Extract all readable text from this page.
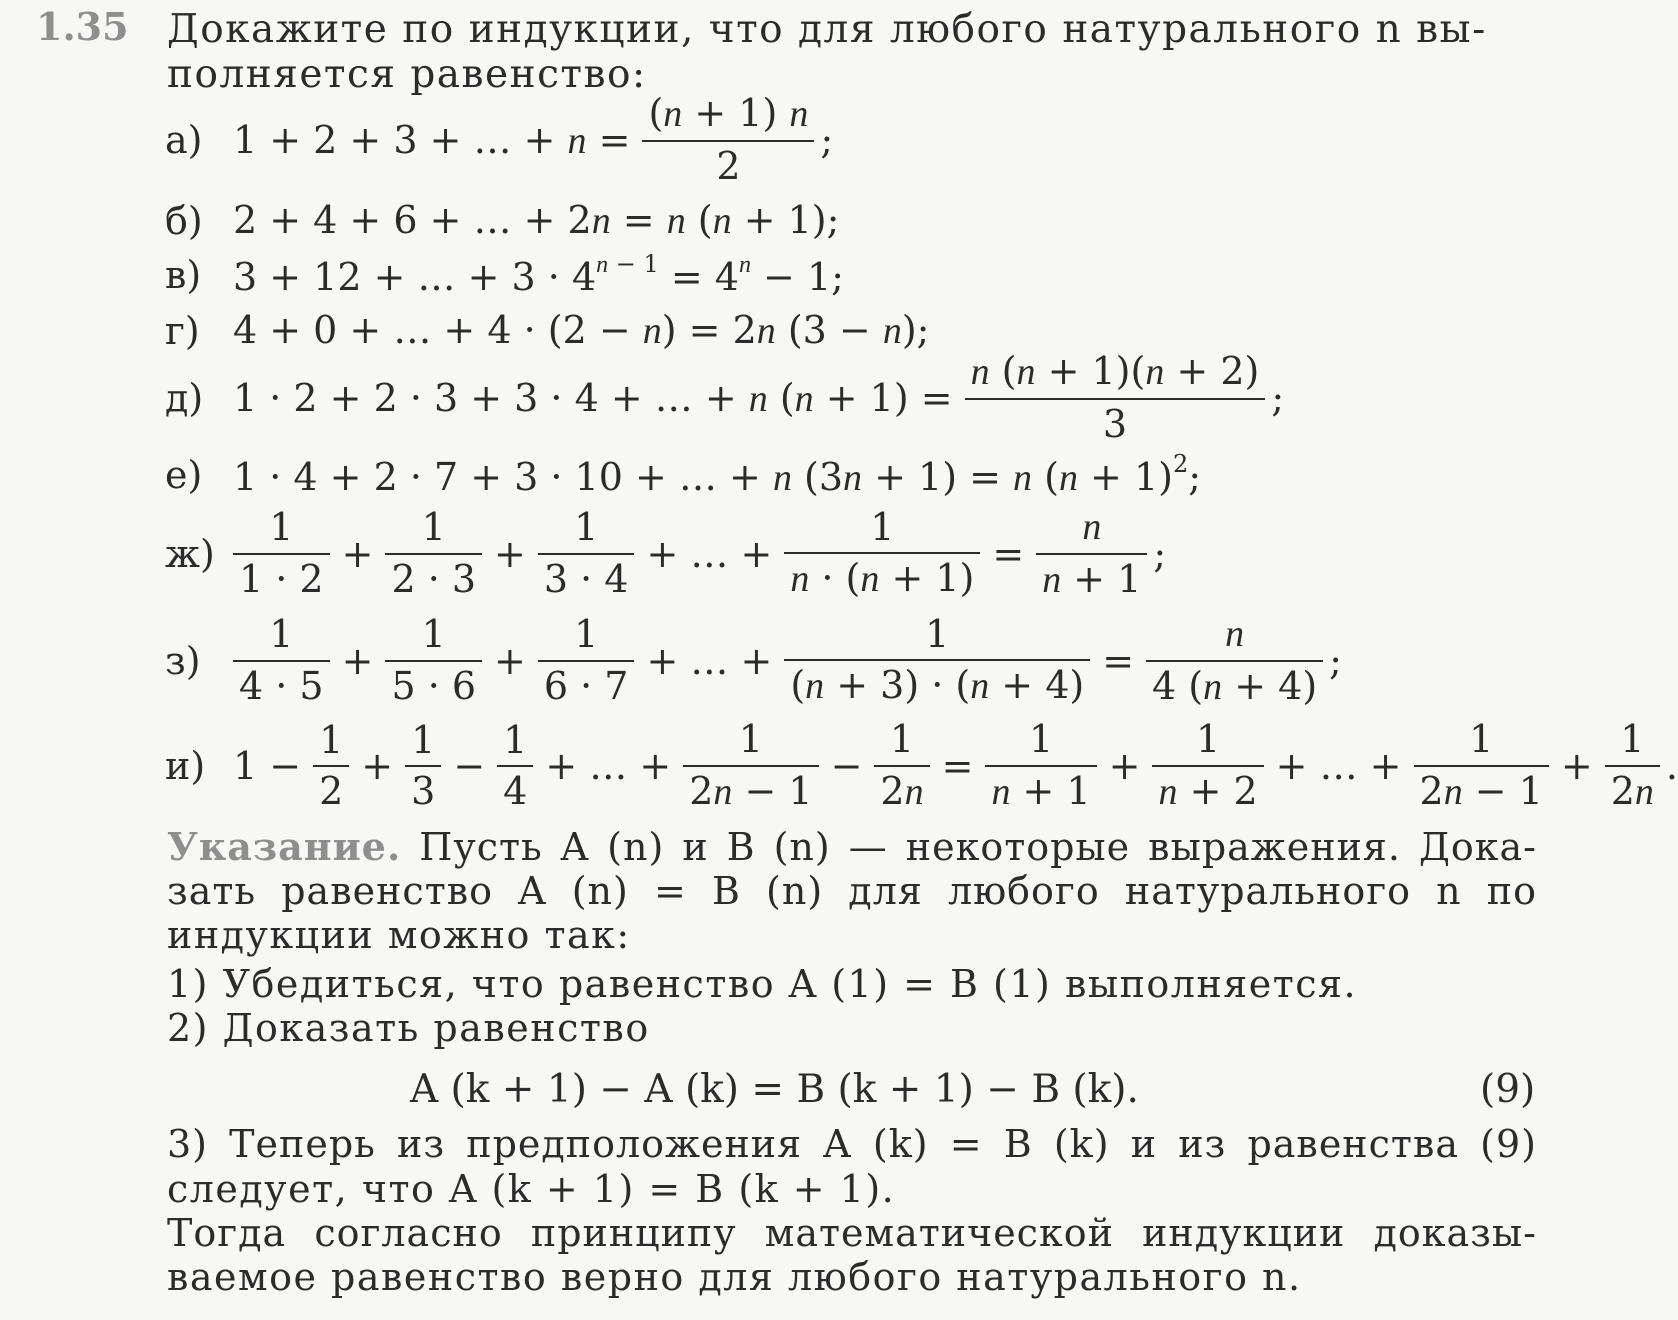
1.35 Докажите по индукции, что для любого натурального n вы-
полняется равенство:
а) 1 + 2 + 3 + … + $n = \frac{(n + 1) n}{2}$ ;
б) 2 + 4 + 6 + … + 2n = n (n + 1);
в) 3 + 12 + … + $3 \cdot 4^{n - 1} = 4^n - 1$;
г) 4 + 0 + … + 4 · (2 − n) = 2n (3 − n);
д) 1 · 2 + 2 · 3 + 3 · 4 + … + n $(n + 1) = \frac{n (n + 1)(n + 2)}{3}$ ;
е) 1 · 4 + 2 · 7 + 3 · 10 + … + n (3n + 1) = n $(n + 1)^2$;
$ж) \frac{1}{1 \cdot 2} + \frac{1}{2 \cdot 3} + \frac{1}{3 \cdot 4}$ + … + $\frac{1}{n \cdot (n + 1)} = \frac{n}{n + 1}$ ;
$з) \frac{1}{4 \cdot 5} + \frac{1}{5 \cdot 6} + \frac{1}{6 \cdot 7}$ + … + $\frac{1}{(n + 3) \cdot (n + 4)} = \frac{n}{4 (n + 4)}$ ;
и) $1 - \frac{1}{2} + \frac{1}{3} - \frac{1}{4}$ + … + $\frac{1}{2n - 1} - \frac{1}{2n} = \frac{1}{n + 1} + \frac{1}{n + 2}$ + … + $\frac{1}{2n - 1} + \frac{1}{2n}$ .
Указание. Пусть A (n) и B (n) — некоторые выражения. Дока-
зать равенство A (n) = B (n) для любого натурального n по
индукции можно так:
1) Убедиться, что равенство A (1) = B (1) выполняется.
2) Доказать равенство
A (k + 1) − A (k) = B (k + 1) − B (k).	(9)
3) Теперь из предположения A (k) = B (k) и из равенства (9)
следует, что A (k + 1) = B (k + 1).
Тогда согласно принципу математической индукции доказы-
ваемое равенство верно для любого натурального n.
